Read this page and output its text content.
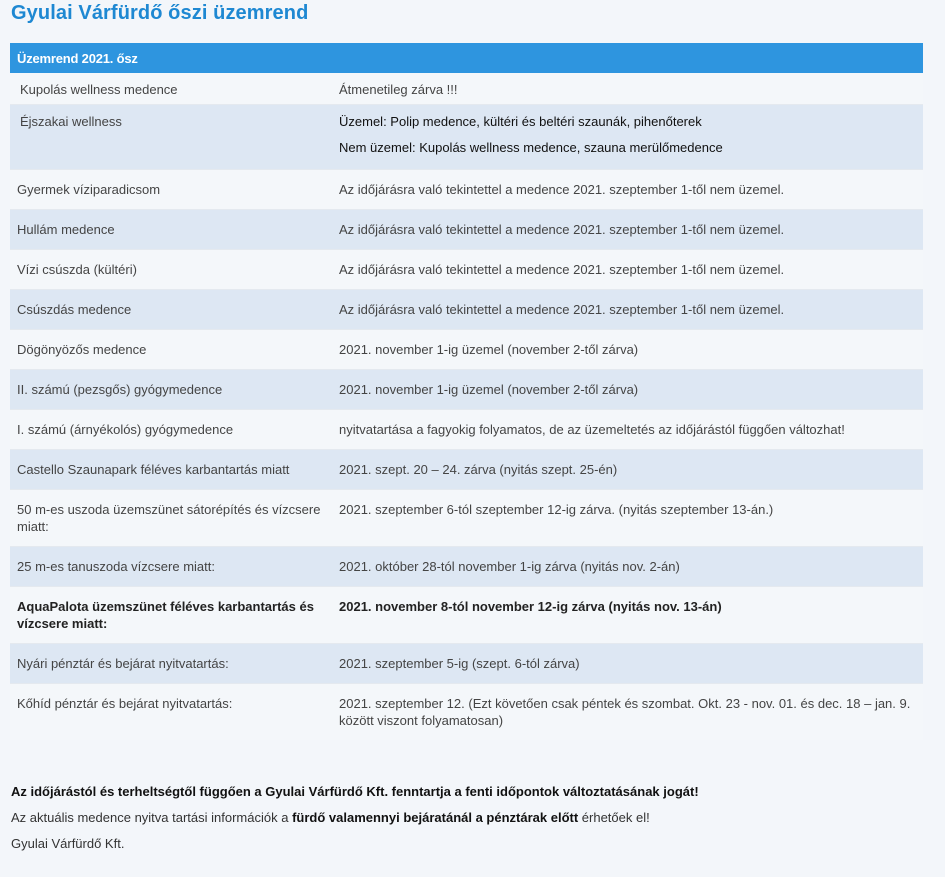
Gyulai Várfürdő őszi üzemrend
Üzemrend 2021. ősz	
Kupolás wellness medence	Átmenetileg zárva !!!
Éjszakai wellness	Üzemel: Polip medence, kültéri és beltéri szaunák, pihenőterek
Nem üzemel: Kupolás wellness medence, szauna merülőmedence

Gyermek víziparadicsom	Az időjárásra való tekintettel a medence 2021. szeptember 1-től nem üzemel.
Hullám medence	Az időjárásra való tekintettel a medence 2021. szeptember 1-től nem üzemel.
Vízi csúszda (kültéri)	Az időjárásra való tekintettel a medence 2021. szeptember 1-től nem üzemel.
Csúszdás medence	Az időjárásra való tekintettel a medence 2021. szeptember 1-től nem üzemel.
Dögönyözős medence	2021. november 1-ig üzemel (november 2-től zárva)
II. számú (pezsgős) gyógymedence	2021. november 1-ig üzemel (november 2-től zárva)
I. számú (árnyékolós) gyógymedence	nyitvatartása a fagyokig folyamatos, de az üzemeltetés az időjárástól függően változhat!
Castello Szaunapark féléves karbantartás miatt	2021. szept. 20 – 24. zárva (nyitás szept. 25-én)
50 m-es uszoda üzemszünet sátorépítés és vízcsere miatt:	2021. szeptember 6-tól szeptember 12-ig zárva. (nyitás szeptember 13-án.)
25 m-es tanuszoda vízcsere miatt:	2021. október 28-tól november 1-ig zárva (nyitás nov. 2-án)
AquaPalota üzemszünet féléves karbantartás és vízcsere miatt:	2021. november 8-tól november 12-ig zárva (nyitás nov. 13-án)
Nyári pénztár és bejárat nyitvatartás:	2021. szeptember 5-ig (szept. 6-tól zárva)
Kőhíd pénztár és bejárat nyitvatartás:	2021. szeptember 12. (Ezt követően csak péntek és szombat. Okt. 23 - nov. 01. és dec. 18 – jan. 9. között viszont folyamatosan)

Az időjárástól és terheltségtől függően a Gyulai Várfürdő Kft. fenntartja a fenti időpontok változtatásának jogát!

Az aktuális medence nyitva tartási információk a fürdő valamennyi bejáratánál a pénztárak előtt érhetőek el!

Gyulai Várfürdő Kft.
